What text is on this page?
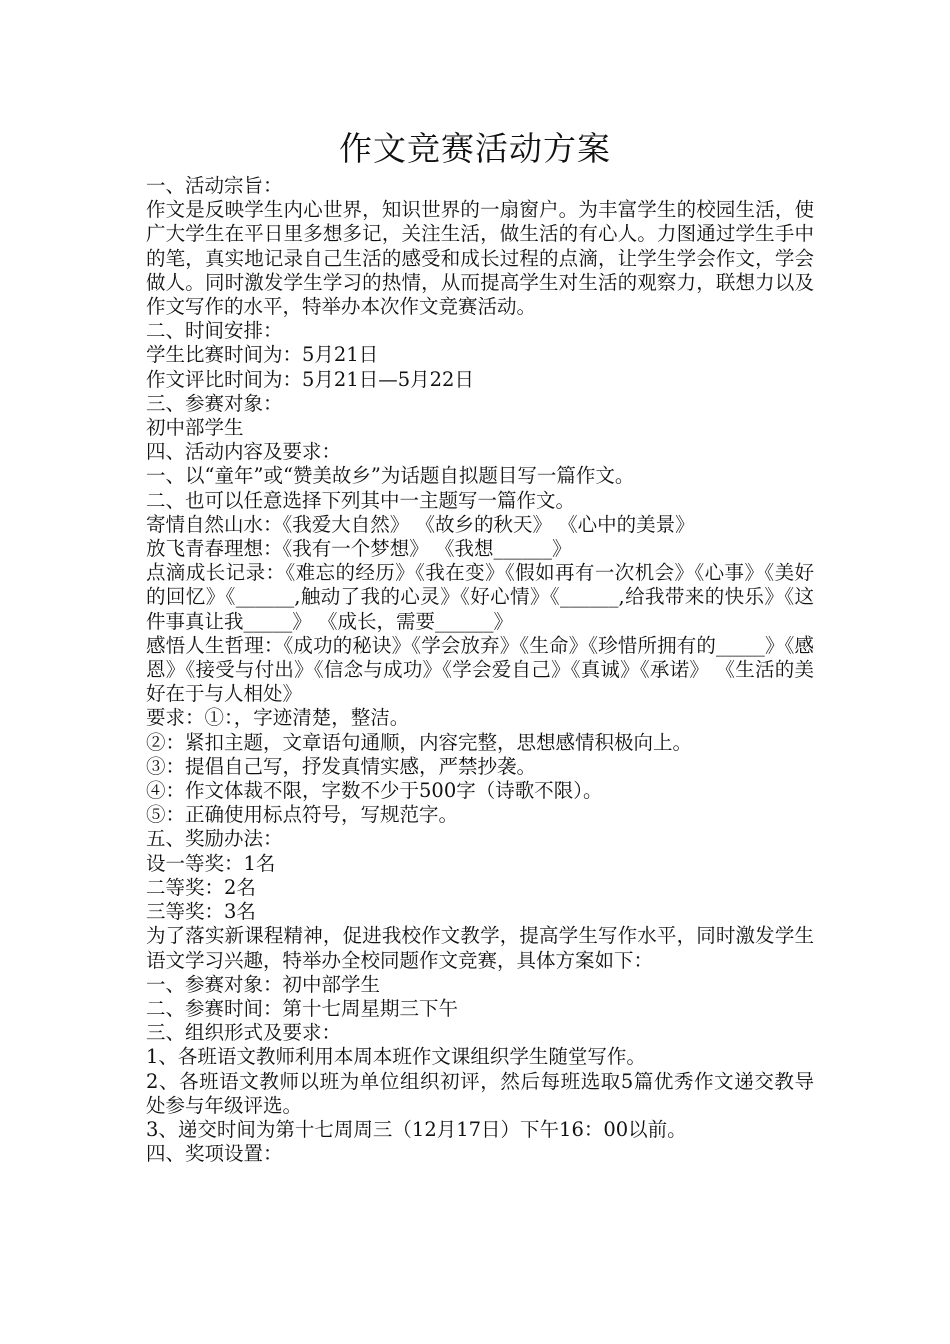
作文竞赛活动方案

一、活动宗旨：

作文是反映学生内心世界，知识世界的一扇窗户。为丰富学生的校园生活，使广大学生在平日里多想多记，关注生活，做生活的有心人。力图通过学生手中的笔，真实地记录自己生活的感受和成长过程的点滴，让学生学会作文，学会做人。同时激发学生学习的热情，从而提高学生对生活的观察力，联想力以及作文写作的水平，特举办本次作文竞赛活动。

二、时间安排：

学生比赛时间为：5月21日

作文评比时间为：5月21日—5月22日

三、参赛对象：

初中部学生

四、活动内容及要求：

一、以“童年”或“赞美故乡”为话题自拟题目写一篇作文。

二、也可以任意选择下列其中一主题写一篇作文。

寄情自然山水：《我爱大自然》 《故乡的秋天》 《心中的美景》

放飞青春理想：《我有一个梦想》 《我想______》

点滴成长记录：《难忘的经历》《我在变》《假如再有一次机会》《心事》《美好的回忆》《______,触动了我的心灵》《好心情》《______,给我带来的快乐》《这件事真让我_____》 《成长，需要______》

感悟人生哲理：《成功的秘诀》《学会放弃》《生命》《珍惜所拥有的_____》《感恩》《接受与付出》《信念与成功》《学会爱自己》《真诚》《承诺》 《生活的美好在于与人相处》

要求：①：，字迹清楚，整洁。

②：紧扣主题，文章语句通顺，内容完整，思想感情积极向上。

③：提倡自己写，抒发真情实感，严禁抄袭。

④：作文体裁不限，字数不少于500字（诗歌不限）。

⑤：正确使用标点符号，写规范字。

五、奖励办法：

设一等奖：1名

二等奖：2名

三等奖：3名

为了落实新课程精神，促进我校作文教学，提高学生写作水平，同时激发学生语文学习兴趣，特举办全校同题作文竞赛，具体方案如下：

一、参赛对象：初中部学生

二、参赛时间：第十七周星期三下午

三、组织形式及要求：

1、各班语文教师利用本周本班作文课组织学生随堂写作。

2、各班语文教师以班为单位组织初评，然后每班选取5篇优秀作文递交教导处参与年级评选。

3、递交时间为第十七周周三（12月17日）下午16：00以前。

四、奖项设置：
